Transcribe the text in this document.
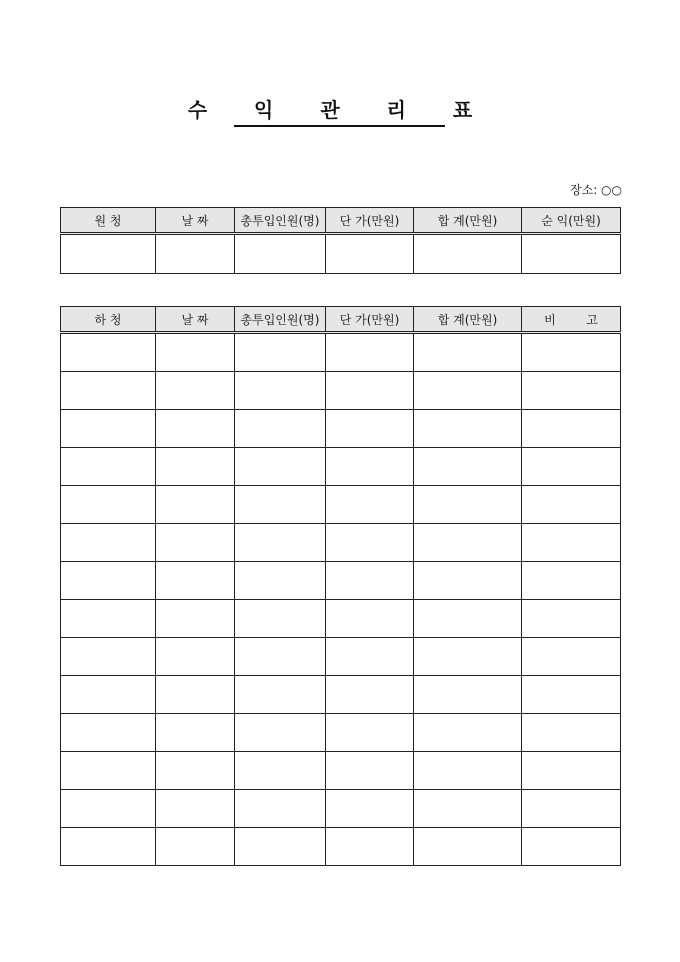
수 익 관 리 표
장소: ○○
원 청	날 짜	총투입인원(명)	단 가(만원)	합 계(만원)	순 익(만원)

하 청	날 짜	총투입인원(명)	단 가(만원)	합 계(만원)	비        고
